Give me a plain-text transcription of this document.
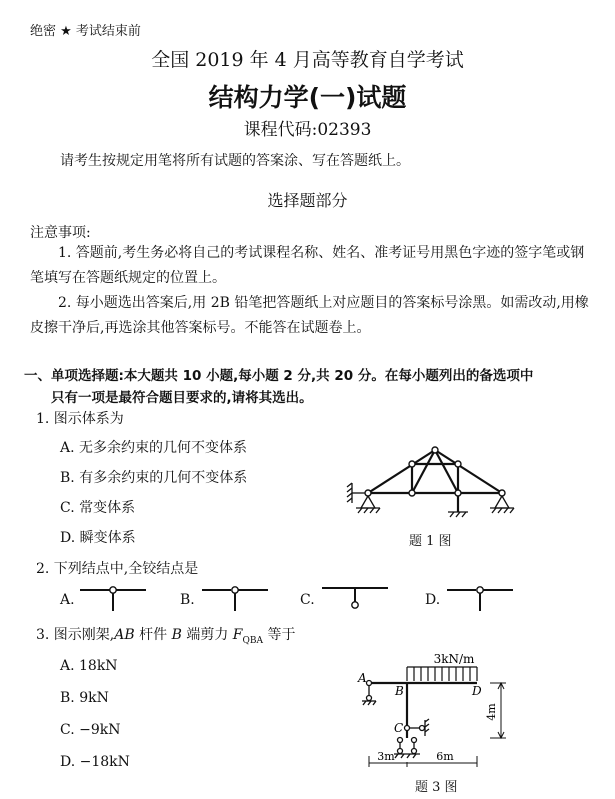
绝密 ★ 考试结束前
全国 2019 年 4 月高等教育自学考试
结构力学(一)试题
课程代码:02393
请考生按规定用笔将所有试题的答案涂、写在答题纸上。
选择题部分
注意事项:
1. 答题前,考生务必将自己的考试课程名称、姓名、准考证号用黑色字迹的签字笔或钢笔填写在答题纸规定的位置上。
2. 每小题选出答案后,用 2B 铅笔把答题纸上对应题目的答案标号涂黑。如需改动,用橡皮擦干净后,再选涂其他答案标号。不能答在试题卷上。
一、单项选择题:本大题共 10 小题,每小题 2 分,共 20 分。在每小题列出的备选项中
只有一项是最符合题目要求的,请将其选出。
1. 图示体系为
A. 无多余约束的几何不变体系
B. 有多余约束的几何不变体系
C. 常变体系
D. 瞬变体系	题 1 图
2. 下列结点中,全铰结点是
A.	B.	C.	D.
3. 图示刚架,AB 杆件 B 端剪力 $F_{QBA}$ 等于
A. 18kN
B. 9kN
C. −9kN
D. −18kN
3kN/m
A
B
C
D
4m
3m	6m
题 3 图
